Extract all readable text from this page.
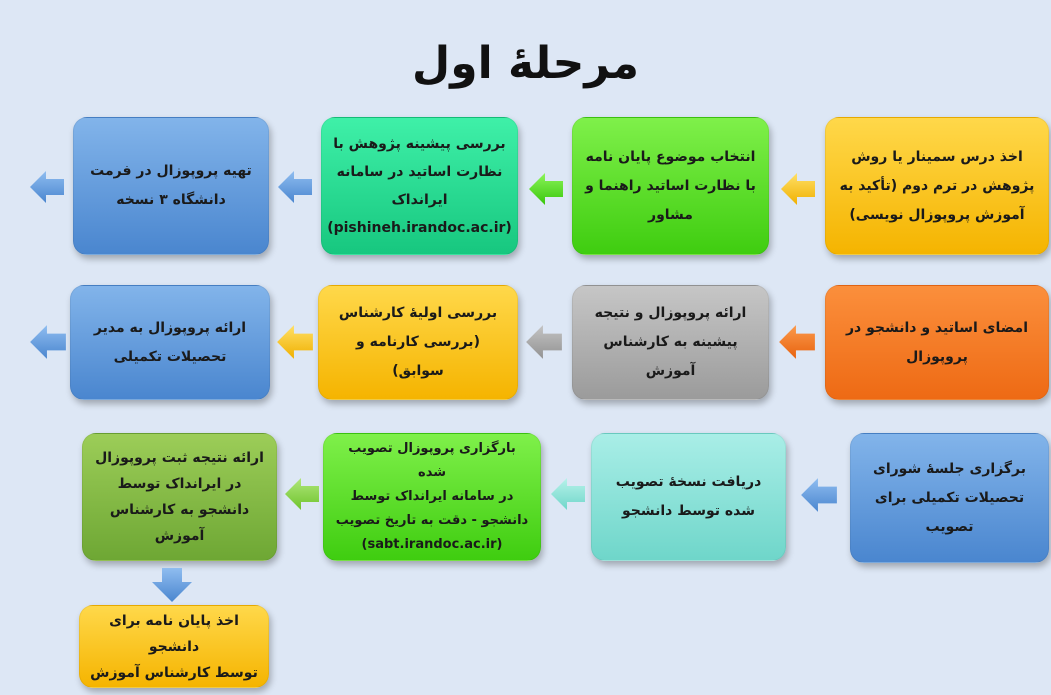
مرحلهٔ اول
اخذ درس سمینار یا روش
پژوهش در ترم دوم (تأکید به
آموزش پروپوزال نویسی)
انتخاب موضوع پایان نامه
با نظارت اساتید راهنما و
مشاور
بررسی پیشینه پژوهش با
نظارت اساتید در سامانه
ایرانداک
(pishineh.irandoc.ac.ir)
تهیه پروپوزال در فرمت
دانشگاه ۳ نسخه
امضای اساتید و دانشجو در
پروپوزال
ارائه پروپوزال و نتیجه
پیشینه به کارشناس
آموزش
بررسی اولیهٔ کارشناس
(بررسی کارنامه و سوابق)
ارائه پروپوزال به مدیر
تحصیلات تکمیلی
برگزاری جلسهٔ شورای
تحصیلات تکمیلی برای
تصویب
دریافت نسخهٔ تصویب
شده توسط دانشجو
بارگزاری پروپوزال تصویب شده
در سامانه ایرانداک توسط
دانشجو - دقت به تاریخ تصویب
(sabt.irandoc.ac.ir)
ارائه نتیجه ثبت پروپوزال
در ایرانداک توسط
دانشجو به کارشناس
آموزش
اخذ پایان نامه برای دانشجو
توسط کارشناس آموزش
